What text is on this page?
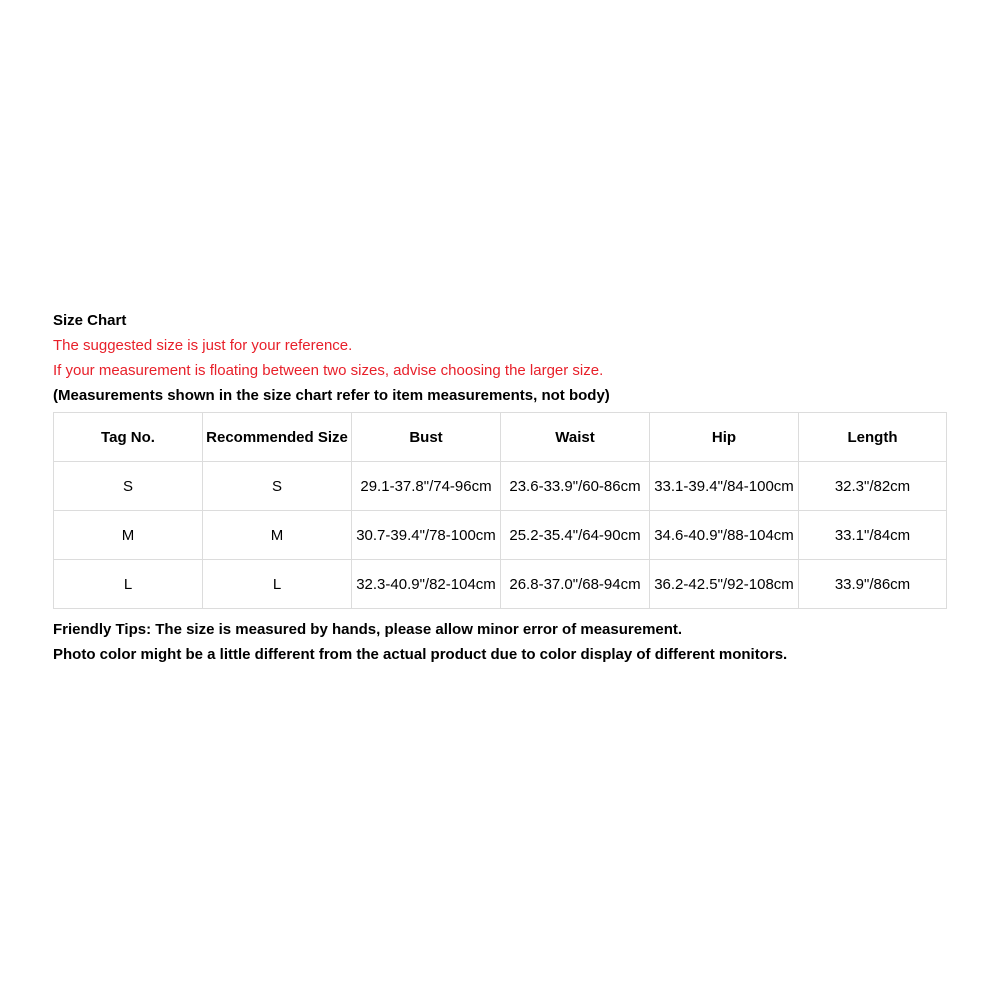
Size Chart
The suggested size is just for your reference.
If your measurement is floating between two sizes, advise choosing the larger size.
(Measurements shown in the size chart refer to item measurements, not body)
Tag No.	Recommended Size	Bust	Waist	Hip	Length
S	S	29.1-37.8"/74-96cm	23.6-33.9"/60-86cm	33.1-39.4"/84-100cm	32.3"/82cm
M	M	30.7-39.4"/78-100cm	25.2-35.4"/64-90cm	34.6-40.9"/88-104cm	33.1"/84cm
L	L	32.3-40.9"/82-104cm	26.8-37.0"/68-94cm	36.2-42.5"/92-108cm	33.9"/86cm
Friendly Tips: The size is measured by hands, please allow minor error of measurement.
Photo color might be a little different from the actual product due to color display of different monitors.
